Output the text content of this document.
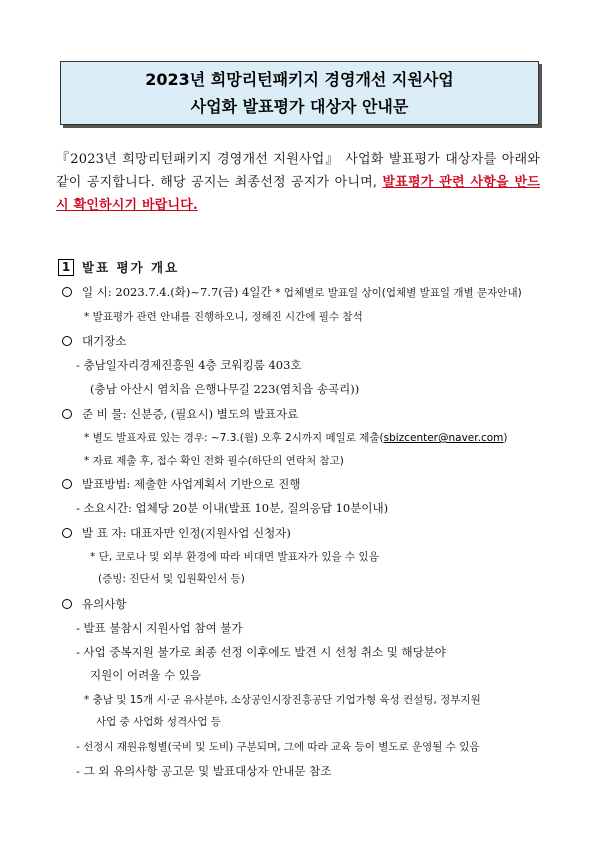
2023년 희망리턴패키지 경영개선 지원사업
사업화 발표평가 대상자 안내문
『2023년 희망리턴패키지 경영개선 지원사업』 사업화 발표평가 대상자를 아래와 같이 공지합니다. 해당 공지는 최종선정 공지가 아니며, 발표평가 관련 사항을 반드시 확인하시기 바랍니다.
1 발표 평가 개요
일 시: 2023.7.4.(화)~7.7(금) 4일간 * 업체별로 발표일 상이(업체별 발표일 개별 문자안내)
* 발표평가 관련 안내를 진행하오니, 정해진 시간에 필수 참석
대기장소
- 충남일자리경제진흥원 4층 코워킹룸 403호
(충남 아산시 염치읍 은행나무길 223(염치읍 송곡리))
준 비 물: 신분증, (필요시) 별도의 발표자료
* 별도 발표자료 있는 경우: ~7.3.(월) 오후 2시까지 메일로 제출(sbizcenter@naver.com)
* 자료 제출 후, 접수 확인 전화 필수(하단의 연락처 참고)
발표방법: 제출한 사업계획서 기반으로 진행
- 소요시간: 업체당 20분 이내(발표 10분, 질의응답 10분이내)
발 표 자: 대표자만 인정(지원사업 신청자)
* 단, 코로나 및 외부 환경에 따라 비대면 발표자가 있을 수 있음
(증빙: 진단서 및 입원확인서 등)
유의사항
- 발표 불참시 지원사업 참여 불가
- 사업 중복지원 불가로 최종 선정 이후에도 발견 시 선청 취소 및 해당분야
지원이 어려울 수 있음
* 충남 및 15개 시·군 유사분야, 소상공인시장진흥공단 기업가형 육성 컨설팅, 정부지원
사업 중 사업화 성격사업 등
- 선정시 재원유형별(국비 및 도비) 구분되며, 그에 따라 교육 등이 별도로 운영될 수 있음
- 그 외 유의사항 공고문 및 발표대상자 안내문 참조
